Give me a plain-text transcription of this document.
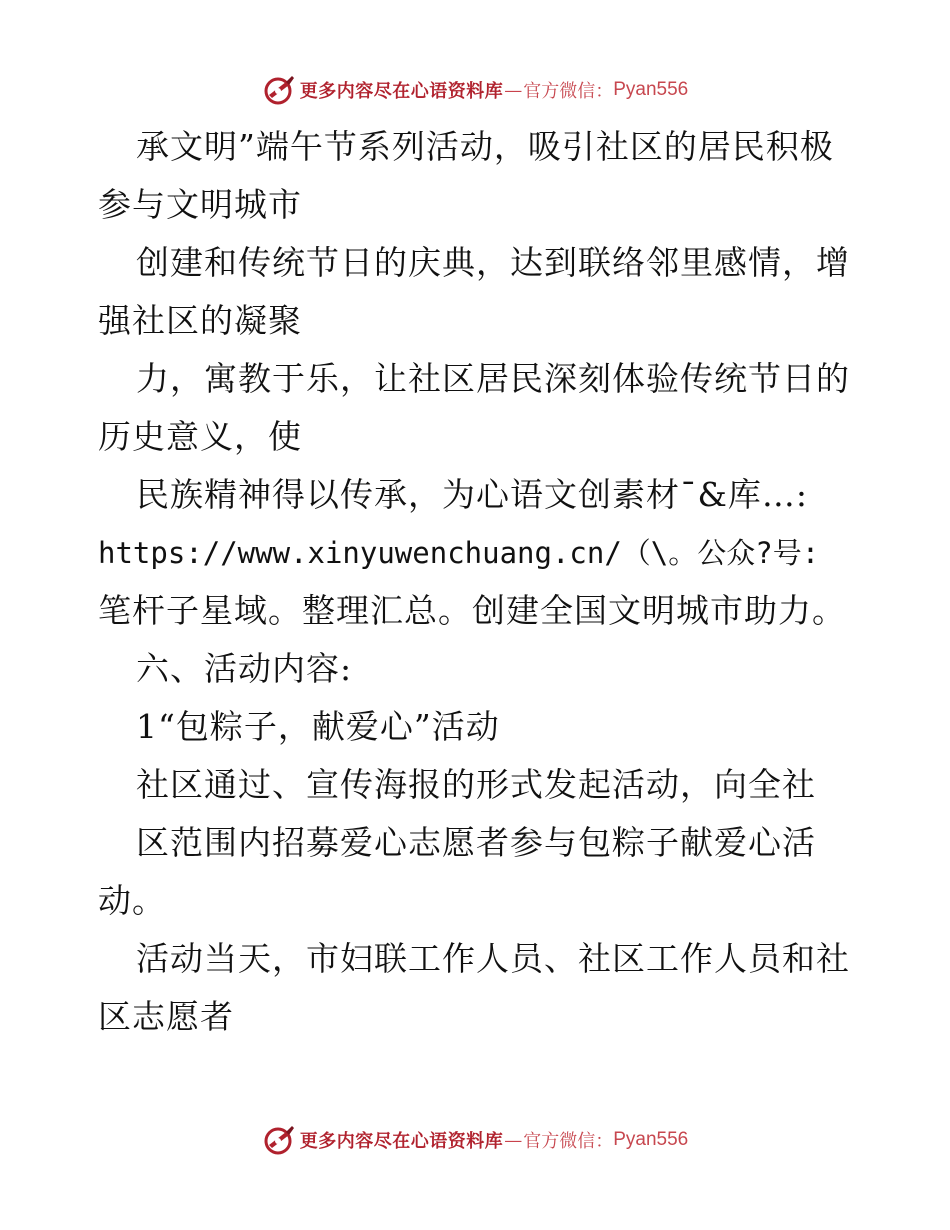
更多内容尽在心语资料库 — 官方微信： Pyan556
承文明”端午节系列活动，吸引社区的居民积极
参与文明城市
创建和传统节日的庆典，达到联络邻里感情，增
强社区的凝聚
力，寓教于乐，让社区居民深刻体验传统节日的
历史意义，使
民族精神得以传承，为心语文创素材¯&库…:
https://www.xinyuwenchuang.cn/（\。公众?号:
笔杆子星域。整理汇总。创建全国文明城市助力。
六、活动内容:
1“包粽子，献爱心”活动
社区通过、宣传海报的形式发起活动，向全社
区范围内招募爱心志愿者参与包粽子献爱心活
动。
活动当天，市妇联工作人员、社区工作人员和社
区志愿者
更多内容尽在心语资料库 — 官方微信： Pyan556
